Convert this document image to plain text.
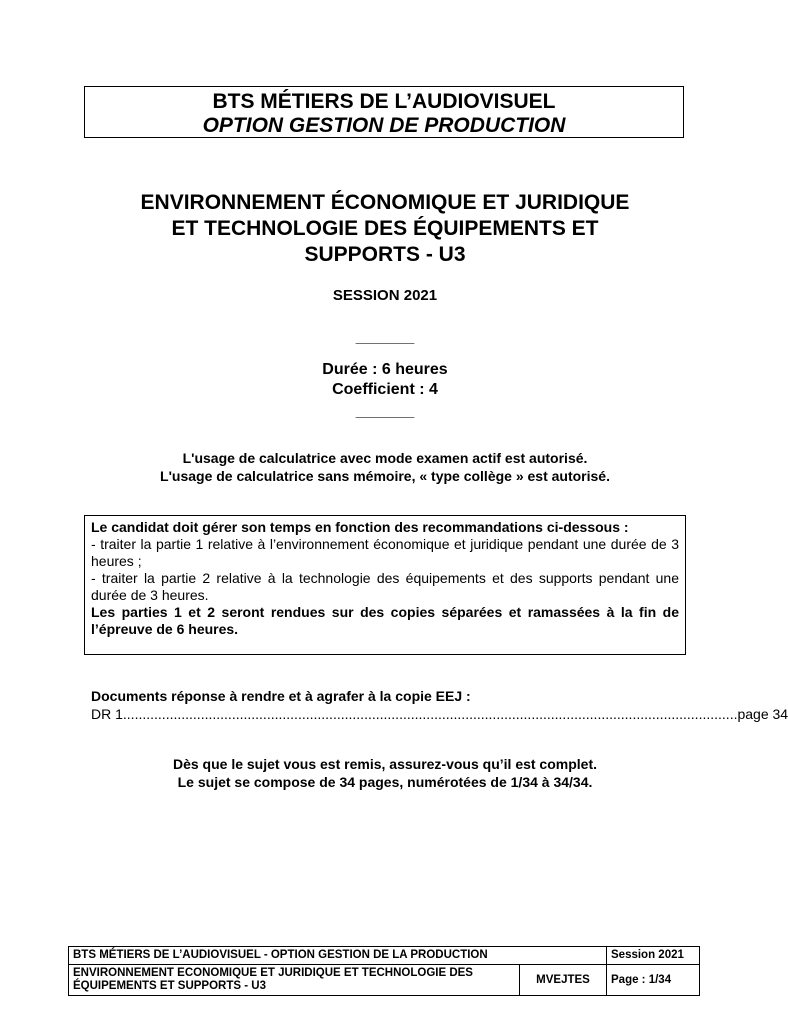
BTS MÉTIERS DE L’AUDIOVISUEL
OPTION GESTION DE PRODUCTION
ENVIRONNEMENT ÉCONOMIQUE ET JURIDIQUE
ET TECHNOLOGIE DES ÉQUIPEMENTS ET
SUPPORTS - U3
SESSION 2021
_______
Durée : 6 heures
Coefficient : 4
_______
L'usage de calculatrice avec mode examen actif est autorisé.
L'usage de calculatrice sans mémoire, « type collège » est autorisé.
Le candidat doit gérer son temps en fonction des recommandations ci-dessous :
- traiter la partie 1 relative à l’environnement économique et juridique pendant une durée de 3 heures ;
- traiter la partie 2 relative à la technologie des équipements et des supports pendant une durée de 3 heures.
Les parties 1 et 2 seront rendues sur des copies séparées et ramassées à la fin de l’épreuve de 6 heures.
Documents réponse à rendre et à agrafer à la copie EEJ :
DR 1 .............................................................................................................................................................. page 34
Dès que le sujet vous est remis, assurez-vous qu’il est complet.
Le sujet se compose de 34 pages, numérotées de 1/34 à 34/34.
BTS MÉTIERS DE L’AUDIOVISUEL - OPTION GESTION DE LA PRODUCTION		Session 2021
ENVIRONNEMENT ECONOMIQUE ET JURIDIQUE ET TECHNOLOGIE DES ÉQUIPEMENTS ET SUPPORTS - U3	MVEJTES	Page : 1/34
